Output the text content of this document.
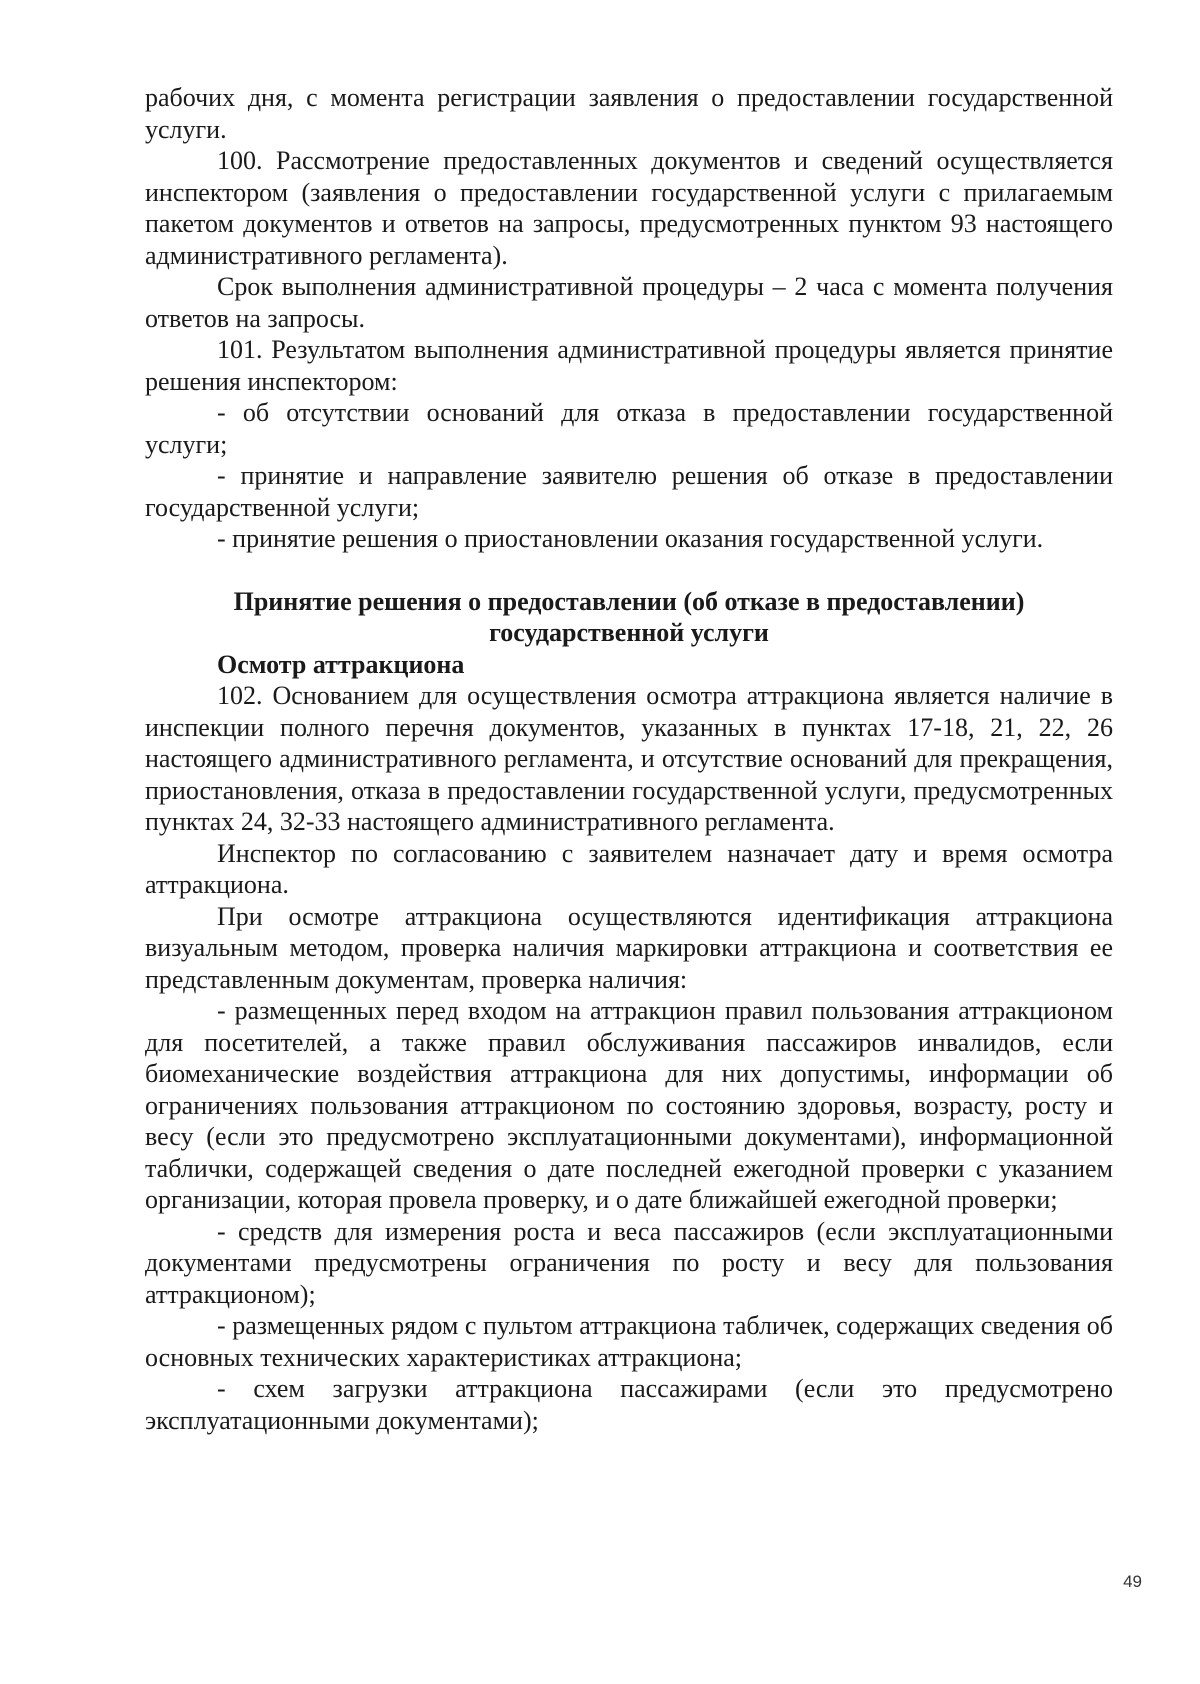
рабочих дня, с момента регистрации заявления о предоставлении государственной услуги.

100. Рассмотрение предоставленных документов и сведений осуществляется инспектором (заявления о предоставлении государственной услуги с прилагаемым пакетом документов и ответов на запросы, предусмотренных пунктом 93 настоящего административного регламента).

Срок выполнения административной процедуры – 2 часа с момента получения ответов на запросы.

101. Результатом выполнения административной процедуры является принятие решения инспектором:

- об отсутствии оснований для отказа в предоставлении государственной услуги;

- принятие и направление заявителю решения об отказе в предоставлении государственной услуги;

- принятие решения о приостановлении оказания государственной услуги.

Принятие решения о предоставлении (об отказе в предоставлении)
государственной услуги
Осмотр аттракциона

102. Основанием для осуществления осмотра аттракциона является наличие в инспекции полного перечня документов, указанных в пунктах 17-18, 21, 22, 26 настоящего административного регламента, и отсутствие оснований для прекращения, приостановления, отказа в предоставлении государственной услуги, предусмотренных пунктах 24, 32-33 настоящего административного регламента.

Инспектор по согласованию с заявителем назначает дату и время осмотра аттракциона.

При осмотре аттракциона осуществляются идентификация аттракциона визуальным методом, проверка наличия маркировки аттракциона и соответствия ее представленным документам, проверка наличия:

- размещенных перед входом на аттракцион правил пользования аттракционом для посетителей, а также правил обслуживания пассажиров инвалидов, если биомеханические воздействия аттракциона для них допустимы, информации об ограничениях пользования аттракционом по состоянию здоровья, возрасту, росту и весу (если это предусмотрено эксплуатационными документами), информационной таблички, содержащей сведения о дате последней ежегодной проверки с указанием организации, которая провела проверку, и о дате ближайшей ежегодной проверки;

- средств для измерения роста и веса пассажиров (если эксплуатационными документами предусмотрены ограничения по росту и весу для пользования аттракционом);

- размещенных рядом с пультом аттракциона табличек, содержащих сведения об основных технических характеристиках аттракциона;

- схем загрузки аттракциона пассажирами (если это предусмотрено эксплуатационными документами);

49
